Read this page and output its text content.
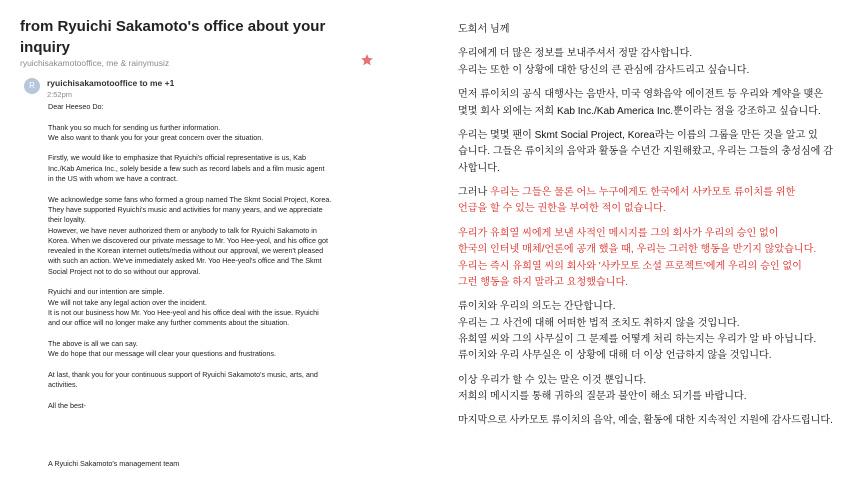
from Ryuichi Sakamoto's office about your inquiry
ryuichisakamotooffice, me & rainymusiz
R	ryuichisakamotooffice to me +1
2:52pm

Dear Heeseo Do:

Thank you so much for sending us further information.
We also want to thank you for your great concern over the situation.

Firstly, we would like to emphasize that Ryuichi's official representative is us, Kab
Inc./Kab America Inc., solely beside a few such as record labels and a film music agent
in the US with whom we have a contract.

We acknowledge some fans who formed a group named The Skmt Social Project, Korea.
They have supported Ryuichi's music and activities for many years, and we appreciate
their loyalty.
However, we have never authorized them or anybody to talk for Ryuichi Sakamoto in
Korea. When we discovered our private message to Mr. Yoo Hee-yeol, and his office got
revealed in the Korean internet outlets/media without our approval, we weren't pleased
with such an action. We've immediately asked Mr. Yoo Hee-yeol's office and The Skmt
Social Project not to do so without our approval.

Ryuichi and our intention are simple.
We will not take any legal action over the incident.
It is not our business how Mr. Yoo Hee-yeol and his office deal with the issue. Ryuichi
and our office will no longer make any further comments about the situation.

The above is all we can say.
We do hope that our message will clear your questions and frustrations.

At last, thank you for your continuous support of Ryuichi Sakamoto's music, arts, and
activities.

All the best-

A Ryuichi Sakamoto's management team

도희서 님께

우리에게 더 많은 정보를 보내주셔서 정말 감사합니다.
우리는 또한 이 상황에 대한 당신의 큰 관심에 감사드리고 싶습니다.

먼저 류이치의 공식 대행사는 음반사, 미국 영화음악 에이전트 등 우리와 계약을 맺은
몇몇 회사 외에는 저희 Kab Inc./Kab America Inc.뿐이라는 점을 강조하고 싶습니다.

우리는 몇몇 팬이 Skmt Social Project, Korea라는 이름의 그룹을 만든 것을 알고 있
습니다. 그들은 류이치의 음악과 활동을 수년간 지원해왔고, 우리는 그들의 충성심에 감
사합니다.

그러나 우리는 그들은 물론 어느 누구에게도 한국에서 사카모토 류이치를 위한
언급을 할 수 있는 권한을 부여한 적이 없습니다.

우리가 유희열 씨에게 보낸 사적인 메시지를 그의 회사가 우리의 승인 없이
한국의 인터넷 매체/언론에 공개 했을 때, 우리는 그러한 행동을 반기지 않았습니다.
우리는 즉시 유희열 씨의 회사와 '사카모토 소셜 프로젝트'에게 우리의 승인 없이
그런 행동을 하지 말라고 요청했습니다.

류이치와 우리의 의도는 간단합니다.
우리는 그 사건에 대해 어떠한 법적 조치도 취하지 않을 것입니다.
유희열 씨와 그의 사무실이 그 문제를 어떻게 처리 하는지는 우리가 알 바 아닙니다.
류이치와 우리 사무실은 이 상황에 대해 더 이상 언급하지 않을 것입니다.

이상 우리가 할 수 있는 말은 이것 뿐입니다.
저희의 메시지를 통해 귀하의 질문과 불안이 해소 되기를 바랍니다.

마지막으로 사카모토 류이치의 음악, 예술, 활동에 대한 지속적인 지원에 감사드립니다.
